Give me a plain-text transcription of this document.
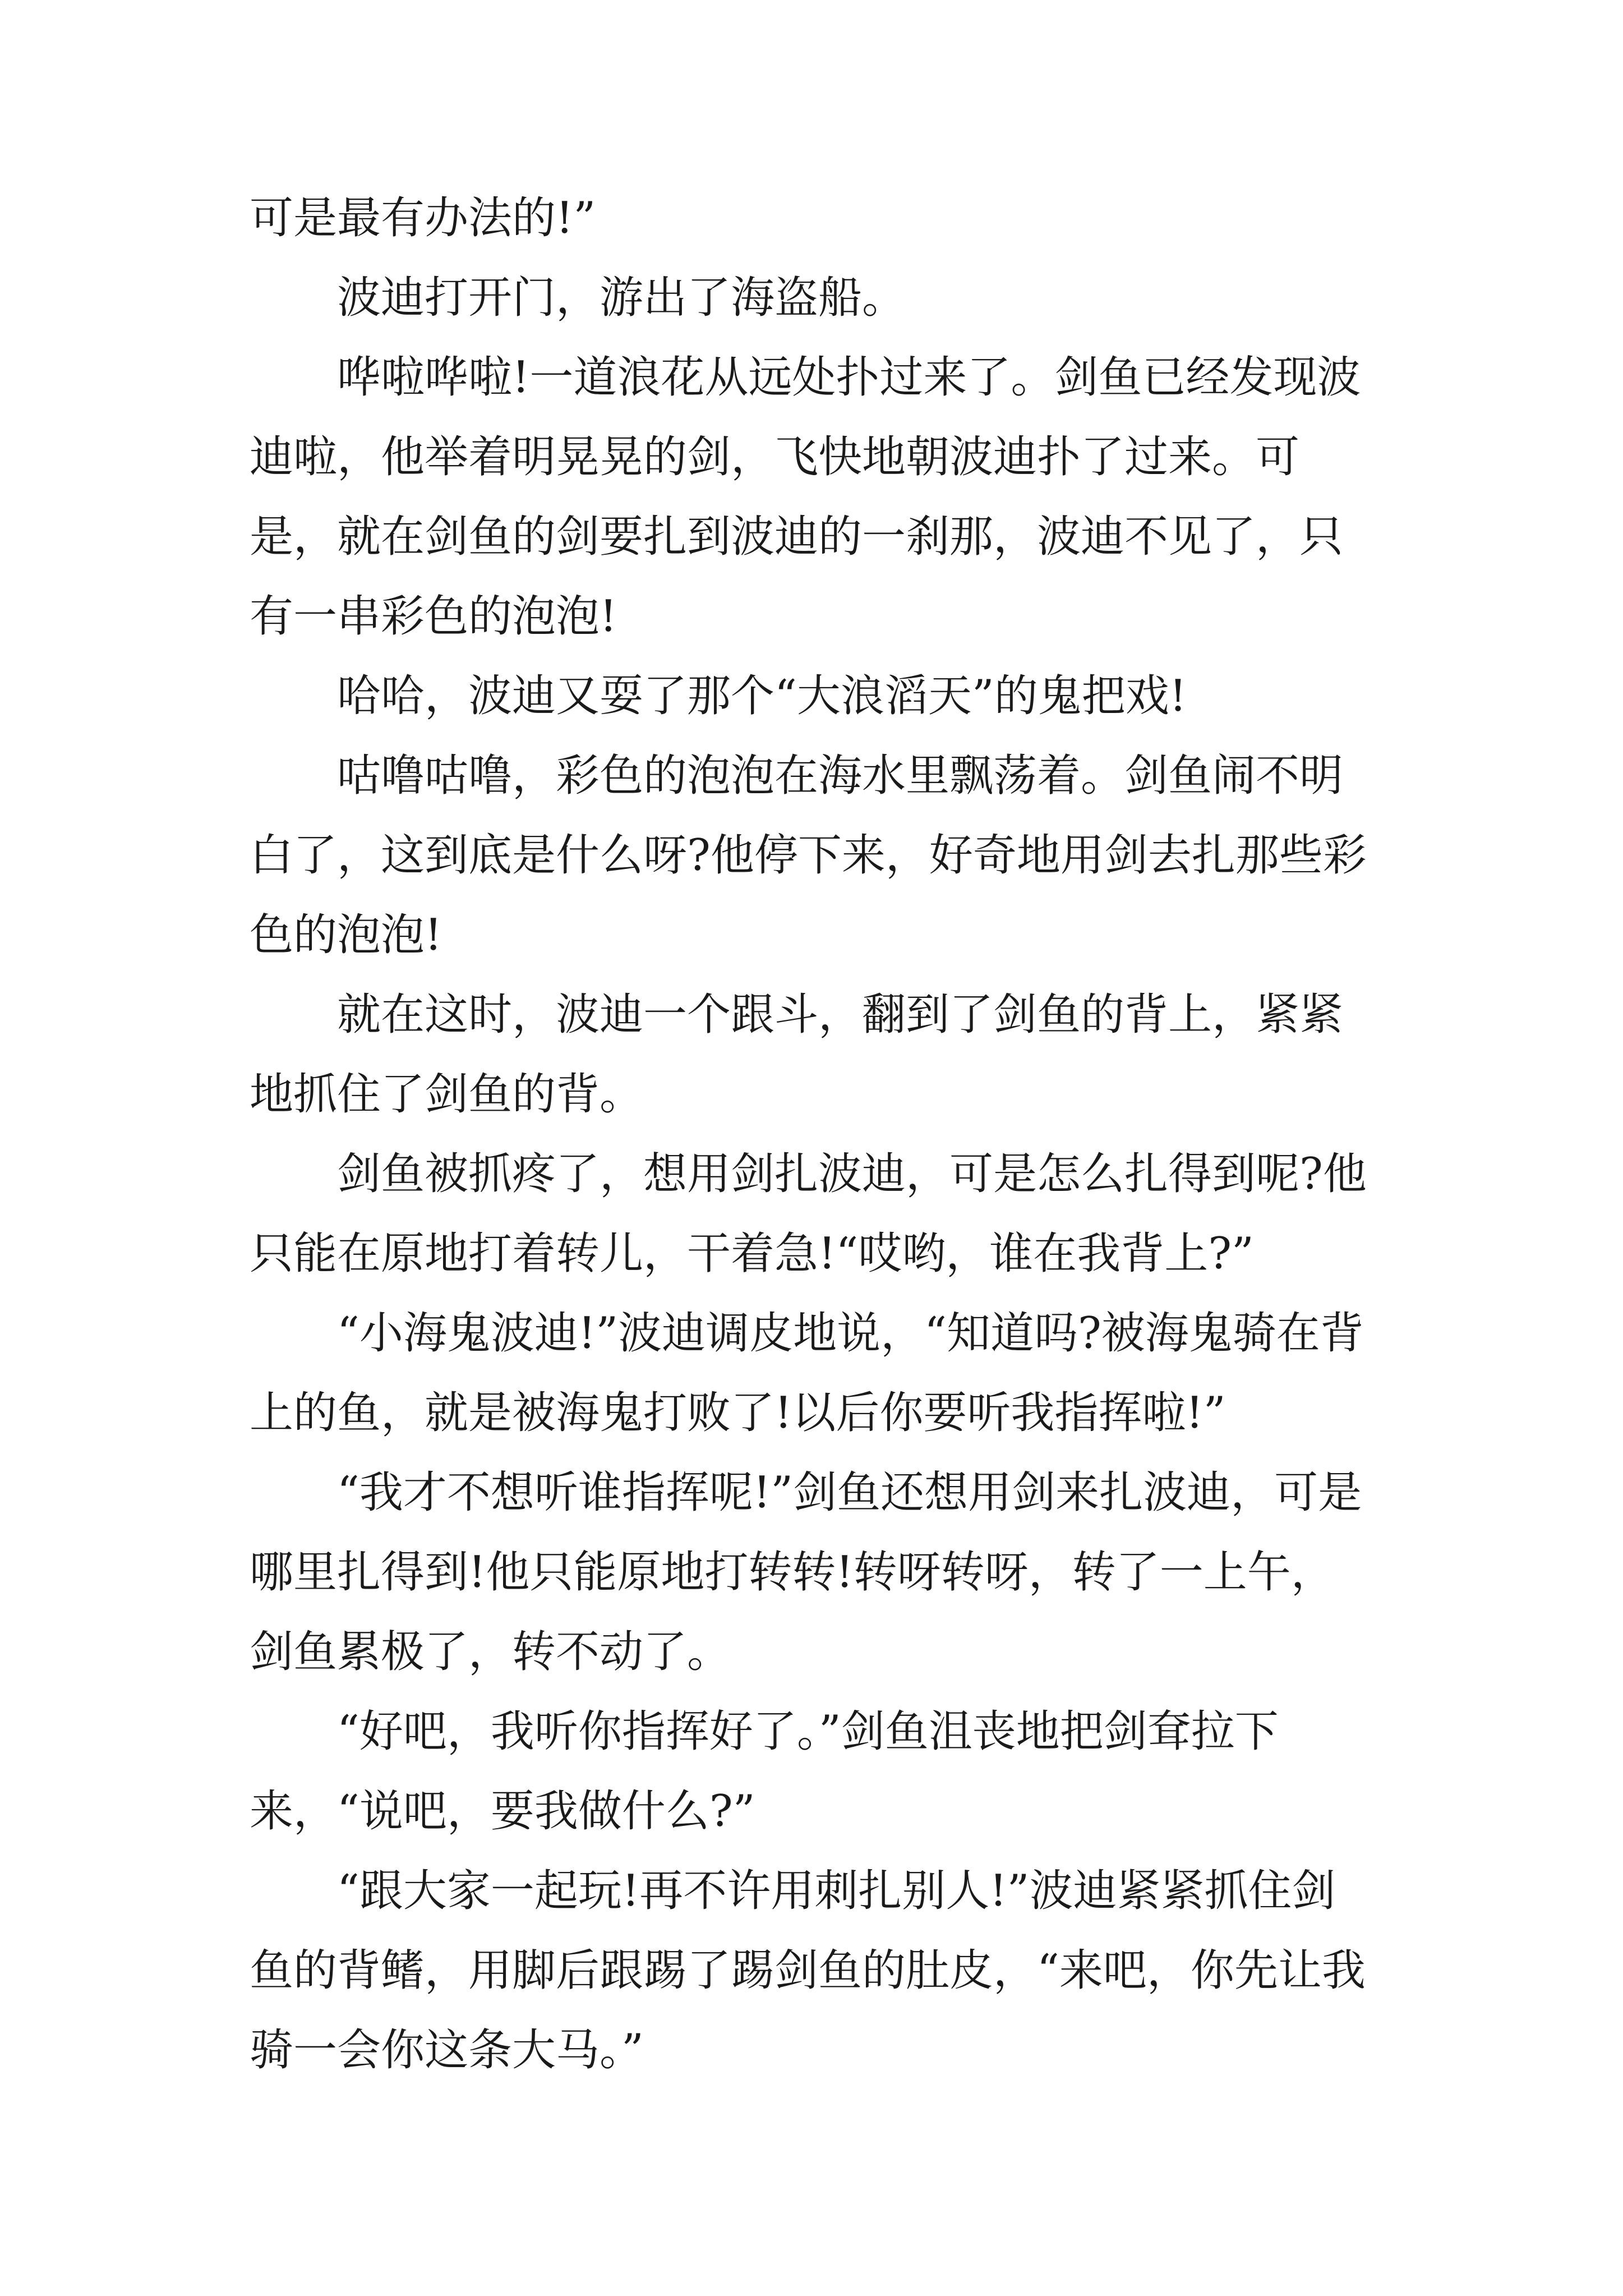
可是最有办法的!”

波迪打开门，游出了海盗船。

哗啦哗啦!一道浪花从远处扑过来了。剑鱼已经发现波迪啦，他举着明晃晃的剑，飞快地朝波迪扑了过来。可是，就在剑鱼的剑要扎到波迪的一刹那，波迪不见了，只有一串彩色的泡泡!

哈哈，波迪又耍了那个“大浪滔天”的鬼把戏!

咕噜咕噜，彩色的泡泡在海水里飘荡着。剑鱼闹不明白了，这到底是什么呀?他停下来，好奇地用剑去扎那些彩色的泡泡!

就在这时，波迪一个跟斗，翻到了剑鱼的背上，紧紧地抓住了剑鱼的背。

剑鱼被抓疼了，想用剑扎波迪，可是怎么扎得到呢?他只能在原地打着转儿，干着急!“哎哟，谁在我背上?”

“小海鬼波迪!”波迪调皮地说，“知道吗?被海鬼骑在背上的鱼，就是被海鬼打败了!以后你要听我指挥啦!”

“我才不想听谁指挥呢!”剑鱼还想用剑来扎波迪，可是哪里扎得到!他只能原地打转转!转呀转呀，转了一上午，剑鱼累极了，转不动了。

“好吧，我听你指挥好了。”剑鱼沮丧地把剑耷拉下来，“说吧，要我做什么?”

“跟大家一起玩!再不许用刺扎别人!”波迪紧紧抓住剑鱼的背鳍，用脚后跟踢了踢剑鱼的肚皮，“来吧，你先让我骑一会你这条大马。”
